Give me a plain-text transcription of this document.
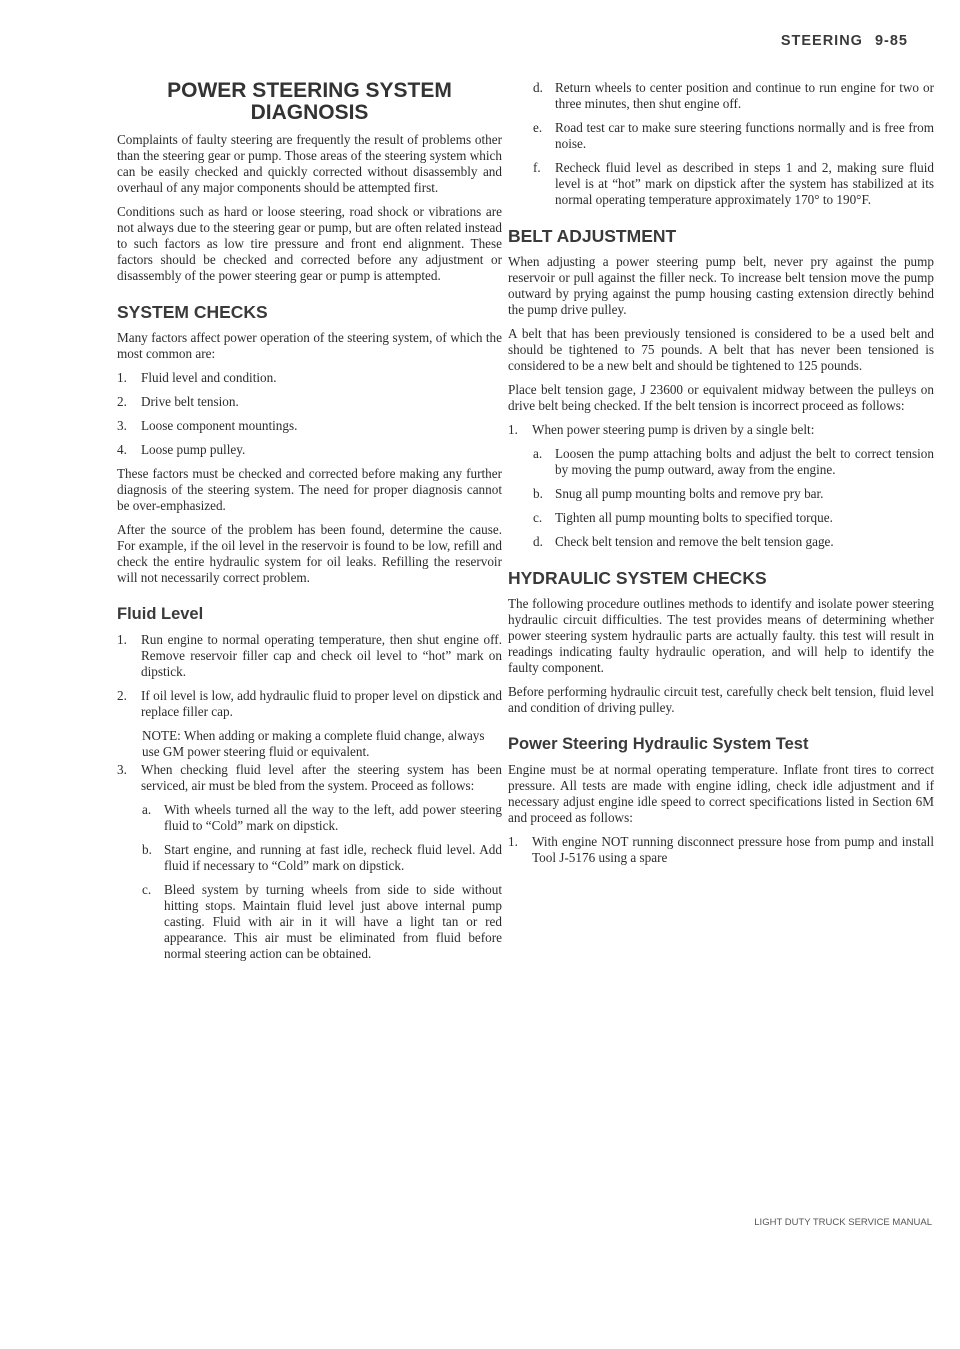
STEERING 9-85
POWER STEERING SYSTEM
DIAGNOSIS

Complaints of faulty steering are frequently the result of problems other than the steering gear or pump. Those areas of the steering system which can be easily checked and quickly corrected without disassembly and overhaul of any major components should be attempted first.

Conditions such as hard or loose steering, road shock or vibrations are not always due to the steering gear or pump, but are often related instead to such factors as low tire pressure and front end alignment. These factors should be checked and corrected before any adjustment or disassembly of the power steering gear or pump is attempted.

SYSTEM CHECKS

Many factors affect power operation of the steering system, of which the most common are:

1. Fluid level and condition.
2. Drive belt tension.
3. Loose component mountings.
4. Loose pump pulley.

These factors must be checked and corrected before making any further diagnosis of the steering system. The need for proper diagnosis cannot be over-emphasized.

After the source of the problem has been found, determine the cause. For example, if the oil level in the reservoir is found to be low, refill and check the entire hydraulic system for oil leaks. Refilling the reservoir will not necessarily correct problem.

Fluid Level
1. Run engine to normal operating temperature, then shut engine off. Remove reservoir filler cap and check oil level to “hot” mark on dipstick.
2. If oil level is low, add hydraulic fluid to proper level on dipstick and replace filler cap.
NOTE: When adding or making a complete fluid change, always use GM power steering fluid or equivalent.
3. When checking fluid level after the steering system has been serviced, air must be bled from the system. Proceed as follows:
a. With wheels turned all the way to the left, add power steering fluid to “Cold” mark on dipstick.
b. Start engine, and running at fast idle, recheck fluid level. Add fluid if necessary to “Cold” mark on dipstick.
c. Bleed system by turning wheels from side to side without hitting stops. Maintain fluid level just above internal pump casting. Fluid with air in it will have a light tan or red appearance. This air must be eliminated from fluid before normal steering action can be obtained.
d. Return wheels to center position and continue to run engine for two or three minutes, then shut engine off.
e. Road test car to make sure steering functions normally and is free from noise.
f. Recheck fluid level as described in steps 1 and 2, making sure fluid level is at “hot” mark on dipstick after the system has stabilized at its normal operating temperature approximately 170° to 190°F.
BELT ADJUSTMENT

When adjusting a power steering pump belt, never pry against the pump reservoir or pull against the filler neck. To increase belt tension move the pump outward by prying against the pump housing casting extension directly behind the pump drive pulley.

A belt that has been previously tensioned is considered to be a used belt and should be tightened to 75 pounds. A belt that has never been tensioned is considered to be a new belt and should be tightened to 125 pounds.

Place belt tension gage, J 23600 or equivalent midway between the pulleys on drive belt being checked. If the belt tension is incorrect proceed as follows:

1. When power steering pump is driven by a single belt:
a. Loosen the pump attaching bolts and adjust the belt to correct tension by moving the pump outward, away from the engine.
b. Snug all pump mounting bolts and remove pry bar.
c. Tighten all pump mounting bolts to specified torque.
d. Check belt tension and remove the belt tension gage.
HYDRAULIC SYSTEM CHECKS

The following procedure outlines methods to identify and isolate power steering hydraulic circuit difficulties. The test provides means of determining whether power steering system hydraulic parts are actually faulty. this test will result in readings indicating faulty hydraulic operation, and will help to identify the faulty component.

Before performing hydraulic circuit test, carefully check belt tension, fluid level and condition of driving pulley.

Power Steering Hydraulic System Test

Engine must be at normal operating temperature. Inflate front tires to correct pressure. All tests are made with engine idling, check idle adjustment and if necessary adjust engine idle speed to correct specifications listed in Section 6M and proceed as follows:

1. With engine NOT running disconnect pressure hose from pump and install Tool J-5176 using a spare
LIGHT DUTY TRUCK SERVICE MANUAL
